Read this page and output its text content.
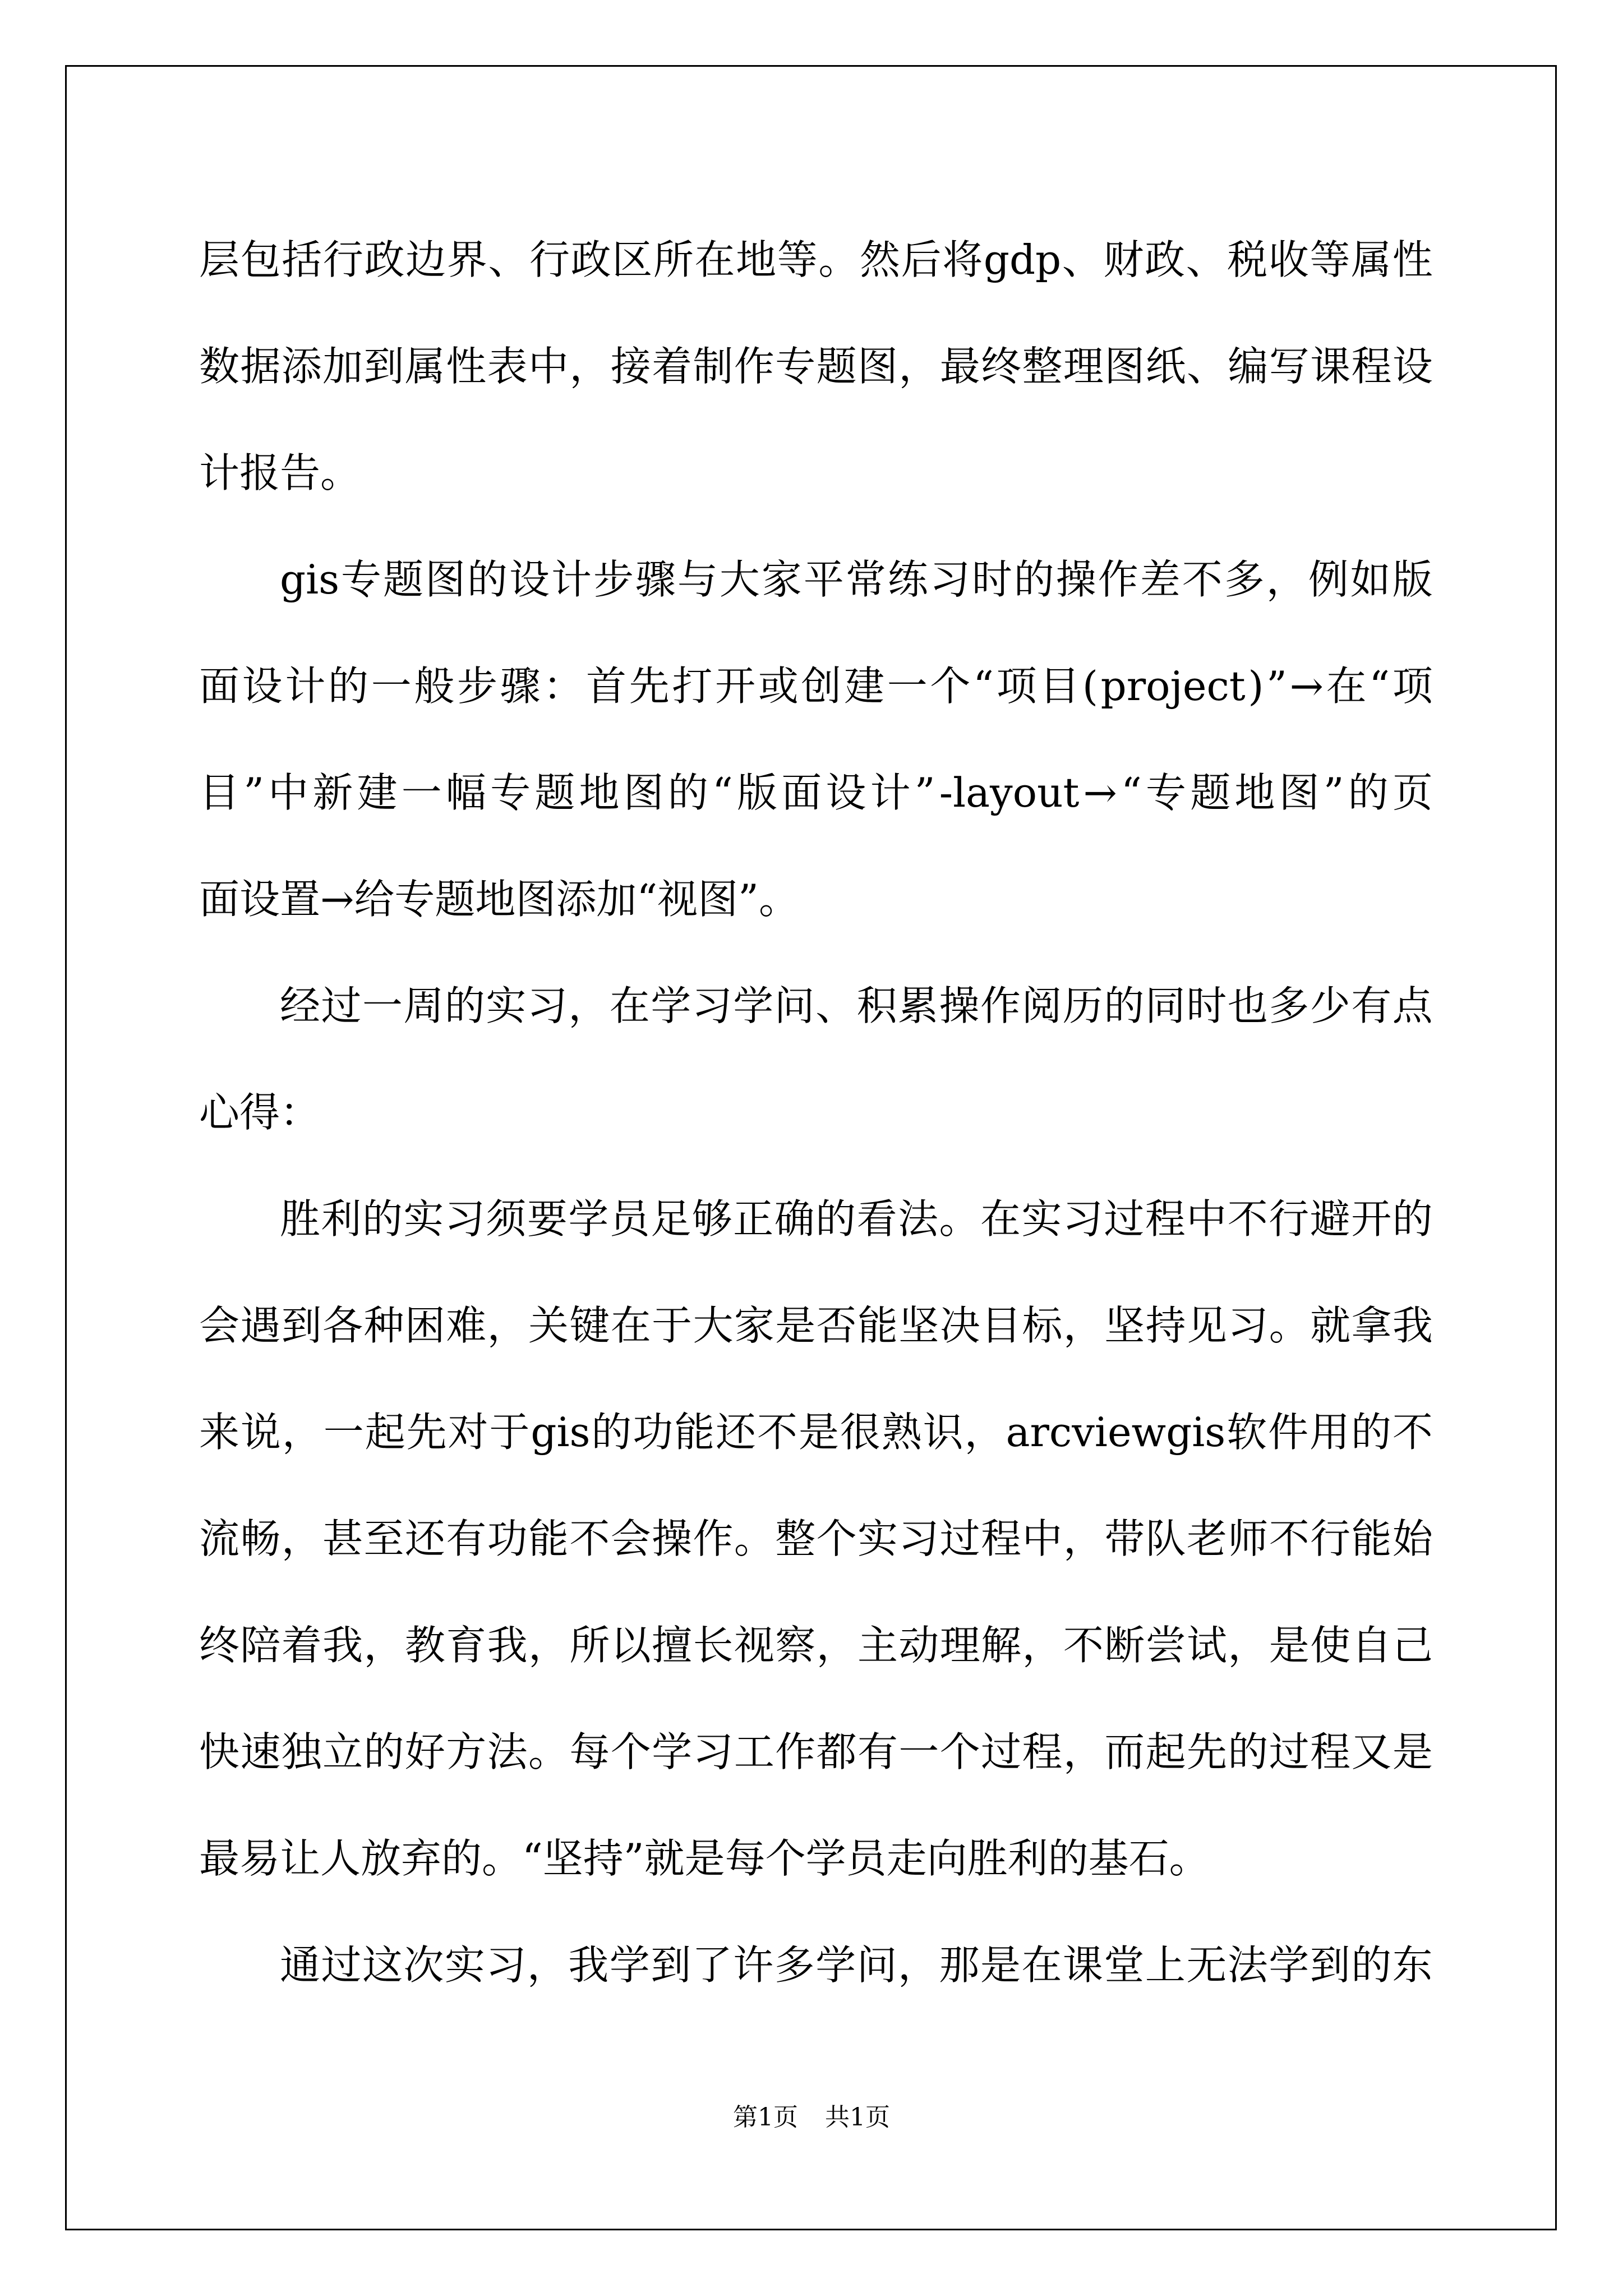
层 包 括 行 政 边 界 、 行 政 区 所 在 地 等 。 然 后 将 gdp 、 财 政 、 税 收 等 属 性
数 据 添 加 到 属 性 表 中 ， 接 着 制 作 专 题 图 ， 最 终 整 理 图 纸 、 编 写 课 程 设
计报告。
gis 专 题 图 的 设 计 步 骤 与 大 家 平 常 练 习 时 的 操 作 差 不 多 ， 例 如 版
面 设 计 的 一 般 步 骤 ： 首 先 打 开 或 创 建 一 个 “ 项 目 ( project ) ” → 在 “ 项
目 ” 中 新 建 一 幅 专 题 地 图 的 “ 版 面 设 计 ” -layout → “ 专 题 地 图 ” 的 页
面设置→给专题地图添加“视图”。
经 过 一 周 的 实 习 ， 在 学 习 学 问 、 积 累 操 作 阅 历 的 同 时 也 多 少 有 点
心得：
胜 利 的 实 习 须 要 学 员 足 够 正 确 的 看 法 。 在 实 习 过 程 中 不 行 避 开 的
会 遇 到 各 种 困 难 ， 关 键 在 于 大 家 是 否 能 坚 决 目 标 ， 坚 持 见 习 。 就 拿 我
来 说 ， 一 起 先 对 于 gis 的 功 能 还 不 是 很 熟 识 ， arcviewgis 软 件 用 的 不
流 畅 ， 甚 至 还 有 功 能 不 会 操 作 。 整 个 实 习 过 程 中 ， 带 队 老 师 不 行 能 始
终 陪 着 我 ， 教 育 我 ， 所 以 擅 长 视 察 ， 主 动 理 解 ， 不 断 尝 试 ， 是 使 自 己
快 速 独 立 的 好 方 法 。 每 个 学 习 工 作 都 有 一 个 过 程 ， 而 起 先 的 过 程 又 是
最易让人放弃的。“坚持”就是每个学员走向胜利的基石。
通 过 这 次 实 习 ， 我 学 到 了 许 多 学 问 ， 那 是 在 课 堂 上 无 法 学 到 的 东
第1页 共1页
